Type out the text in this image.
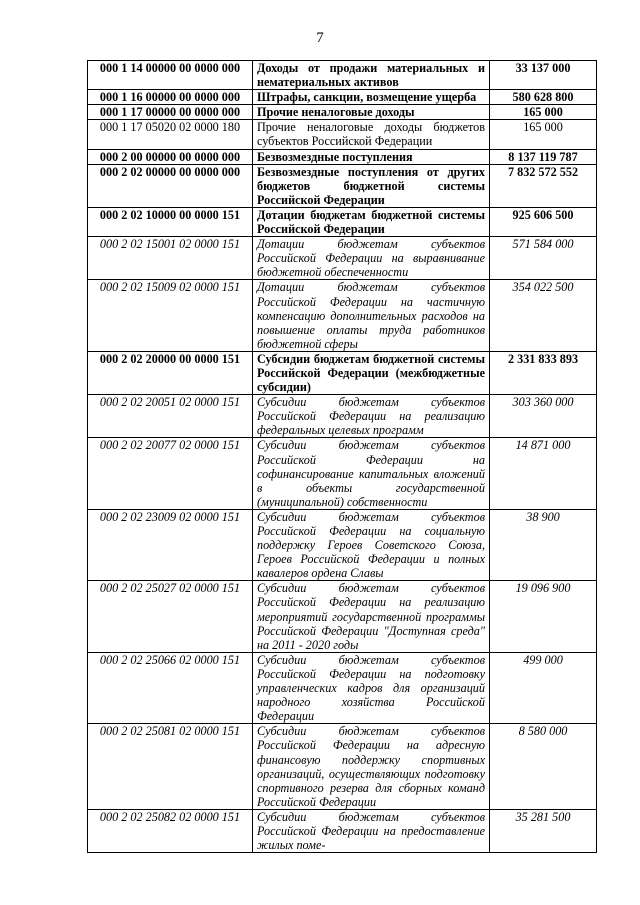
7
000 1 14 00000 00 0000 000	Доходы от продажи материальных и нематериальных активов	33 137 000
000 1 16 00000 00 0000 000	Штрафы, санкции, возмещение ущерба	580 628 800
000 1 17 00000 00 0000 000	Прочие неналоговые доходы	165 000
000 1 17 05020 02 0000 180	Прочие неналоговые доходы бюджетов субъектов Российской Федерации	165 000
000 2 00 00000 00 0000 000	Безвозмездные поступления	8 137 119 787
000 2 02 00000 00 0000 000	Безвозмездные поступления от других бюджетов бюджетной системы Российской Федерации	7 832 572 552
000 2 02 10000 00 0000 151	Дотации бюджетам бюджетной системы Российской Федерации	925 606 500
000 2 02 15001 02 0000 151	Дотации бюджетам субъектов Российской Федерации на выравнивание бюджетной обеспеченности	571 584 000
000 2 02 15009 02 0000 151	Дотации бюджетам субъектов Российской Федерации на частичную компенсацию дополнительных расходов на повышение оплаты труда работников бюджетной сферы	354 022 500
000 2 02 20000 00 0000 151	Субсидии бюджетам бюджетной системы Российской Федерации (межбюджетные субсидии)	2 331 833 893
000 2 02 20051 02 0000 151	Субсидии бюджетам субъектов Российской Федерации на реализацию федеральных целевых программ	303 360 000
000 2 02 20077 02 0000 151	Субсидии бюджетам субъектов Российской Федерации на софинансирование капитальных вложений в объекты государственной (муниципальной) собственности	14 871 000
000 2 02 23009 02 0000 151	Субсидии бюджетам субъектов Российской Федерации на социальную поддержку Героев Советского Союза, Героев Российской Федерации и полных кавалеров ордена Славы	38 900
000 2 02 25027 02 0000 151	Субсидии бюджетам субъектов Российской Федерации на реализацию мероприятий государственной программы Российской Федерации "Доступная среда" на 2011 - 2020 годы	19 096 900
000 2 02 25066 02 0000 151	Субсидии бюджетам субъектов Российской Федерации на подготовку управленческих кадров для организаций народного хозяйства Российской Федерации	499 000
000 2 02 25081 02 0000 151	Субсидии бюджетам субъектов Российской Федерации на адресную финансовую поддержку спортивных организаций, осуществляющих подготовку спортивного резерва для сборных команд Российской Федерации	8 580 000
000 2 02 25082 02 0000 151	Субсидии бюджетам субъектов Российской Федерации на предоставление жилых поме-	35 281 500
